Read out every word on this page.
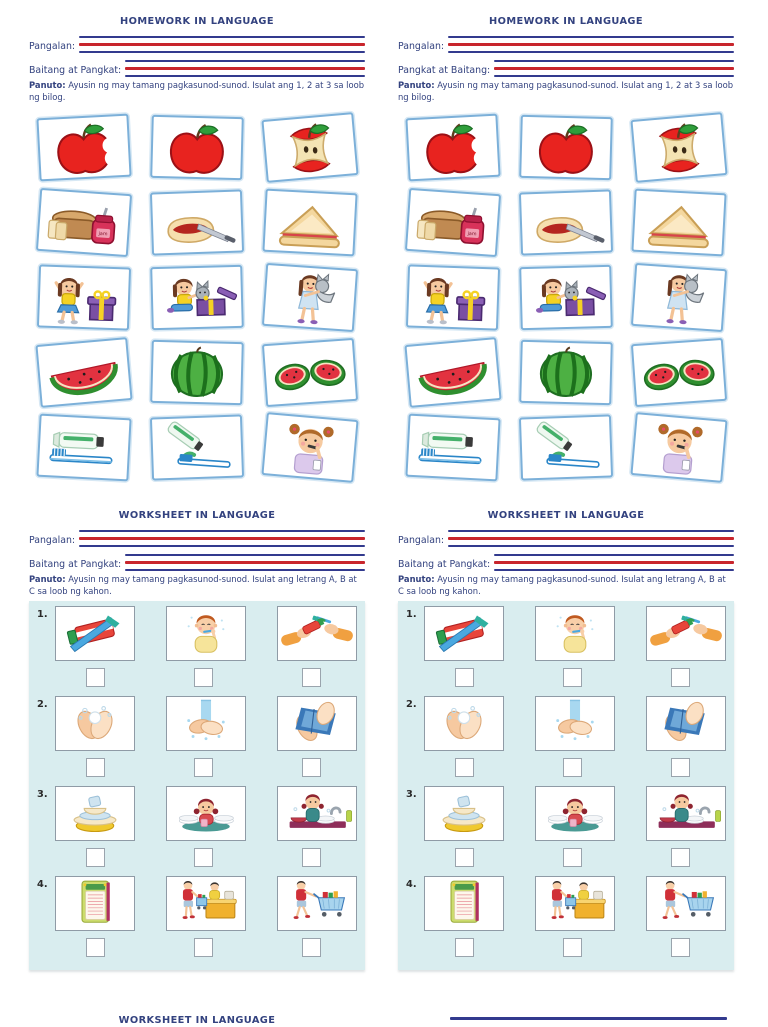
HOMEWORK IN LANGUAGE
Pangalan:
Baitang at Pangkat:

Panuto: Ayusin ng may tamang pagkasunod-sunod. Isulat ang 1, 2 at 3 sa loob ng bilog.

jam
HOMEWORK IN LANGUAGE
Pangalan:
Pangkat at Baitang:

Panuto: Ayusin ng may tamang pagkasunod-sunod. Isulat ang 1, 2 at 3 sa loob ng bilog.

jam
WORKSHEET IN LANGUAGE
Pangalan:
Baitang at Pangkat:

Panuto: Ayusin ng may tamang pagkasunod-sunod. Isulat ang letrang A, B at C sa loob ng kahon.

1.
2.
3.
4.
WORKSHEET IN LANGUAGE
Pangalan:
Baitang at Pangkat:

Panuto: Ayusin ng may tamang pagkasunod-sunod. Isulat ang letrang A, B at C sa loob ng kahon.

1.
2.
3.
4.
WORKSHEET IN LANGUAGE
